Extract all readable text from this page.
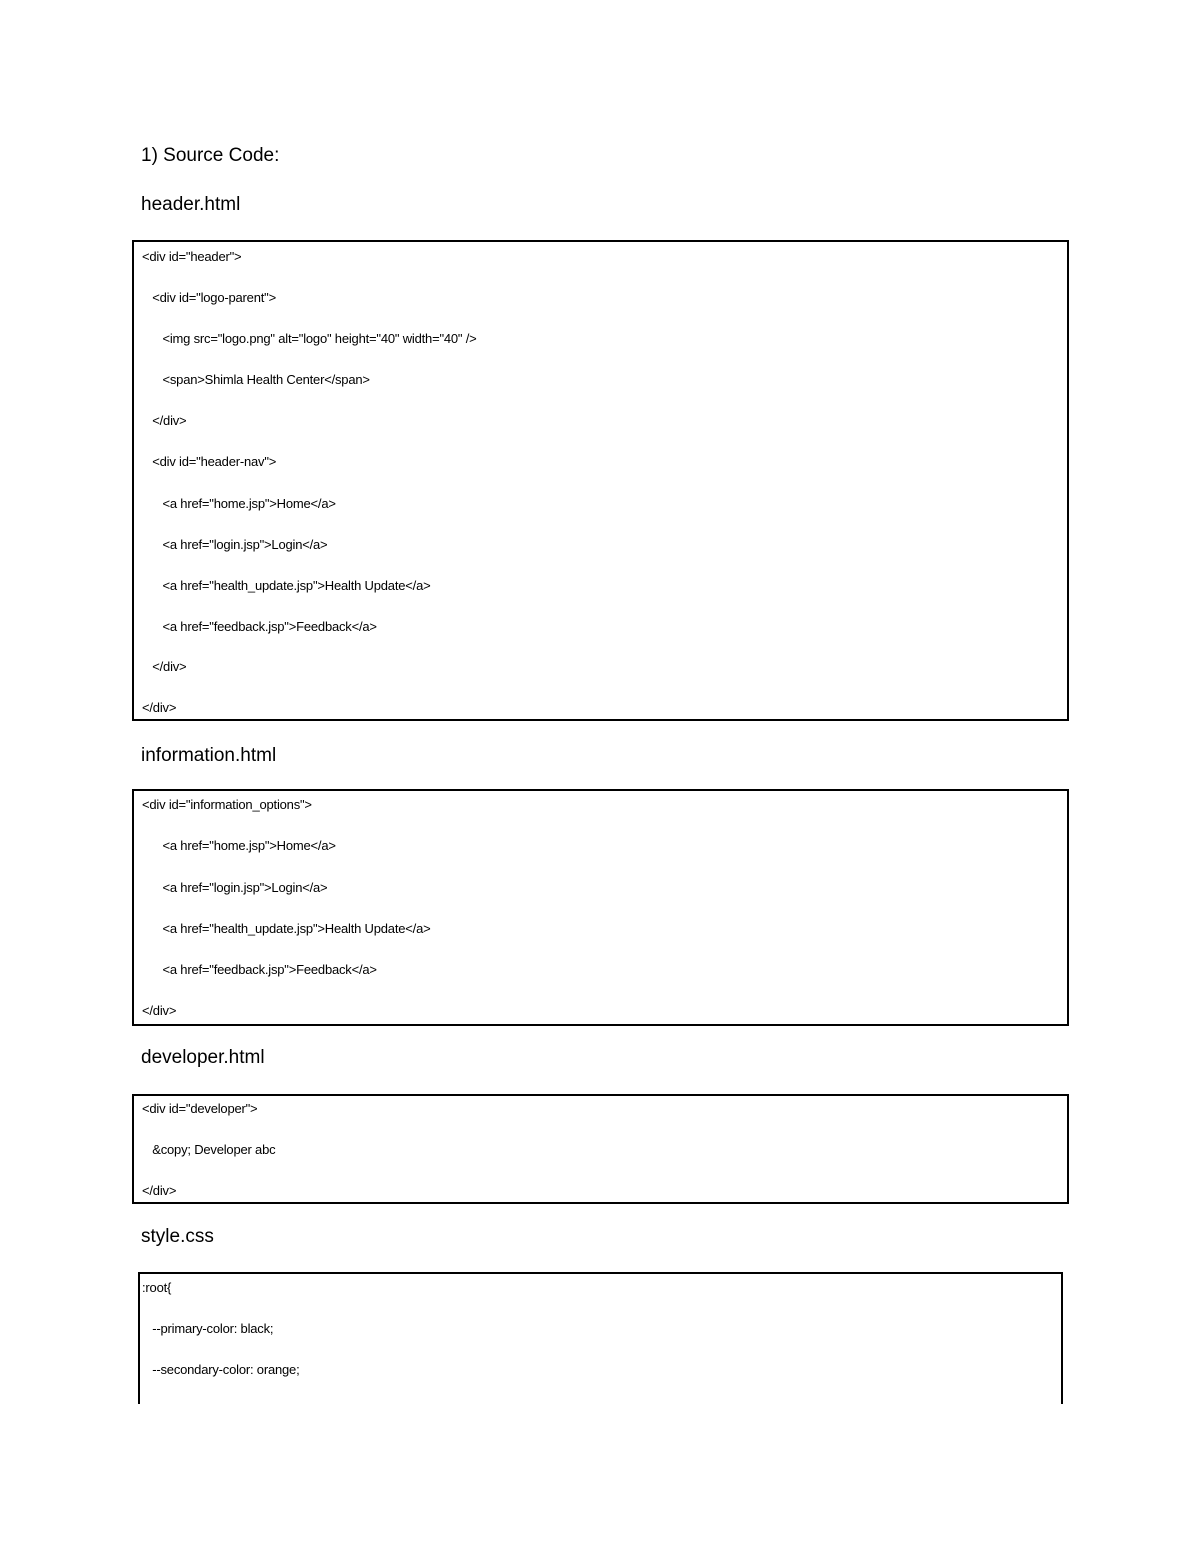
1) Source Code:
header.html
<div id="header">
<div id="logo-parent">
<img src="logo.png" alt="logo" height="40" width="40" />
<span>Shimla Health Center</span>
</div>
<div id="header-nav">
<a href="home.jsp">Home</a>
<a href="login.jsp">Login</a>
<a href="health_update.jsp">Health Update</a>
<a href="feedback.jsp">Feedback</a>
</div>
</div>
information.html
<div id="information_options">
<a href="home.jsp">Home</a>
<a href="login.jsp">Login</a>
<a href="health_update.jsp">Health Update</a>
<a href="feedback.jsp">Feedback</a>
</div>
developer.html
<div id="developer">
&copy; Developer abc
</div>
style.css
:root{
--primary-color: black;
--secondary-color: orange;
